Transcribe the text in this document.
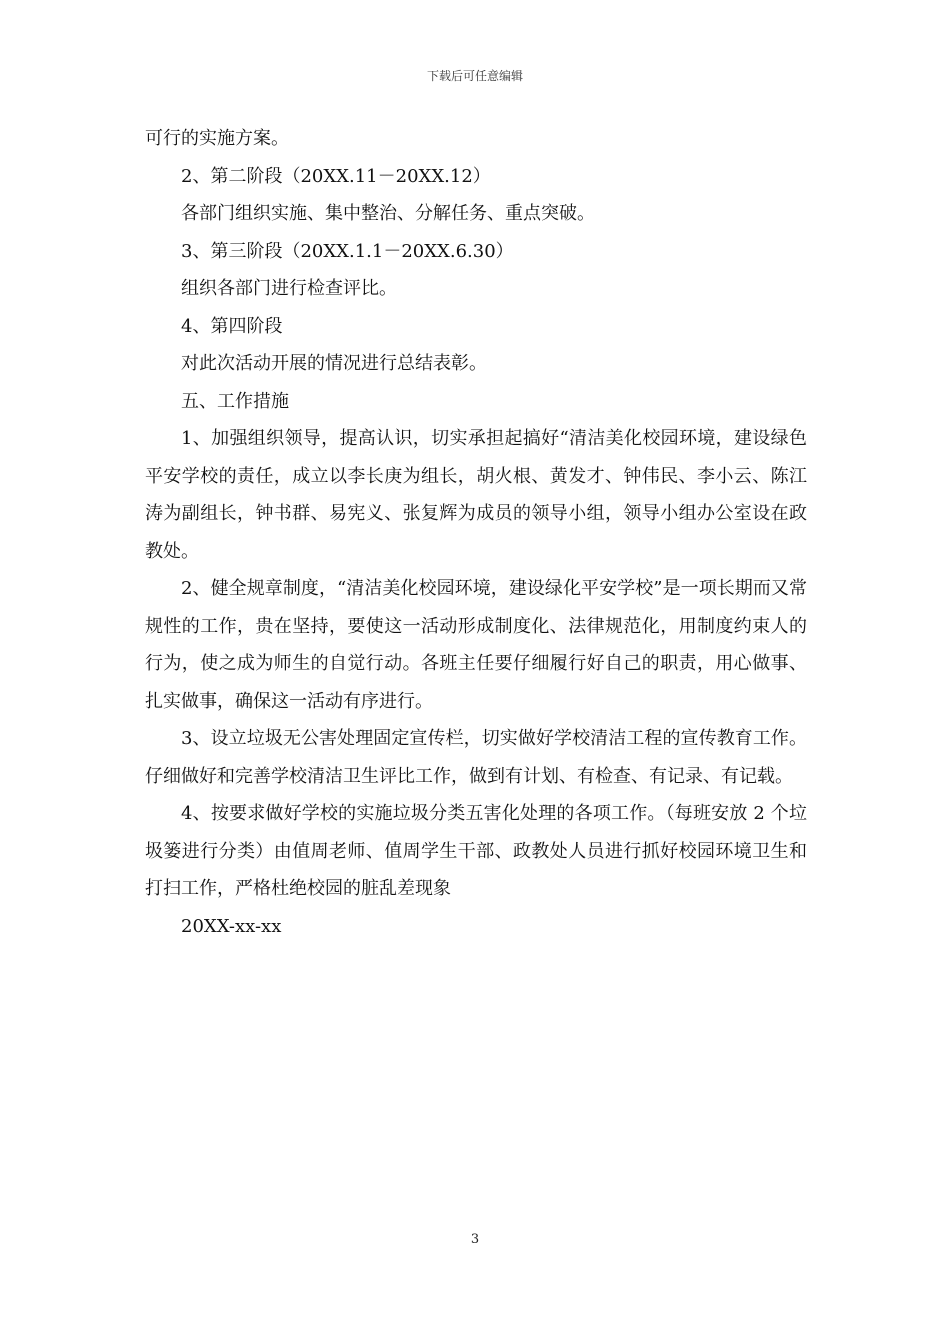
下载后可任意编辑

可行的实施方案。

2、第二阶段（20XX.11－20XX.12）

各部门组织实施、集中整治、分解任务、重点突破。

3、第三阶段（20XX.1.1－20XX.6.30）

组织各部门进行检查评比。

4、第四阶段

对此次活动开展的情况进行总结表彰。

五、工作措施

1、加强组织领导，提高认识，切实承担起搞好“清洁美化校园环境，建设绿色平安学校的责任，成立以李长庚为组长，胡火根、黄发才、钟伟民、李小云、陈江涛为副组长，钟书群、易宪义、张复辉为成员的领导小组，领导小组办公室设在政教处。

2、健全规章制度，“清洁美化校园环境，建设绿化平安学校”是一项长期而又常规性的工作，贵在坚持，要使这一活动形成制度化、法律规范化，用制度约束人的行为，使之成为师生的自觉行动。各班主任要仔细履行好自己的职责，用心做事、扎实做事，确保这一活动有序进行。

3、设立垃圾无公害处理固定宣传栏，切实做好学校清洁工程的宣传教育工作。仔细做好和完善学校清洁卫生评比工作，做到有计划、有检查、有记录、有记载。

4、按要求做好学校的实施垃圾分类五害化处理的各项工作。（每班安放 2 个垃圾篓进行分类）由值周老师、值周学生干部、政教处人员进行抓好校园环境卫生和打扫工作，严格杜绝校园的脏乱差现象

20XX-xx-xx

3
